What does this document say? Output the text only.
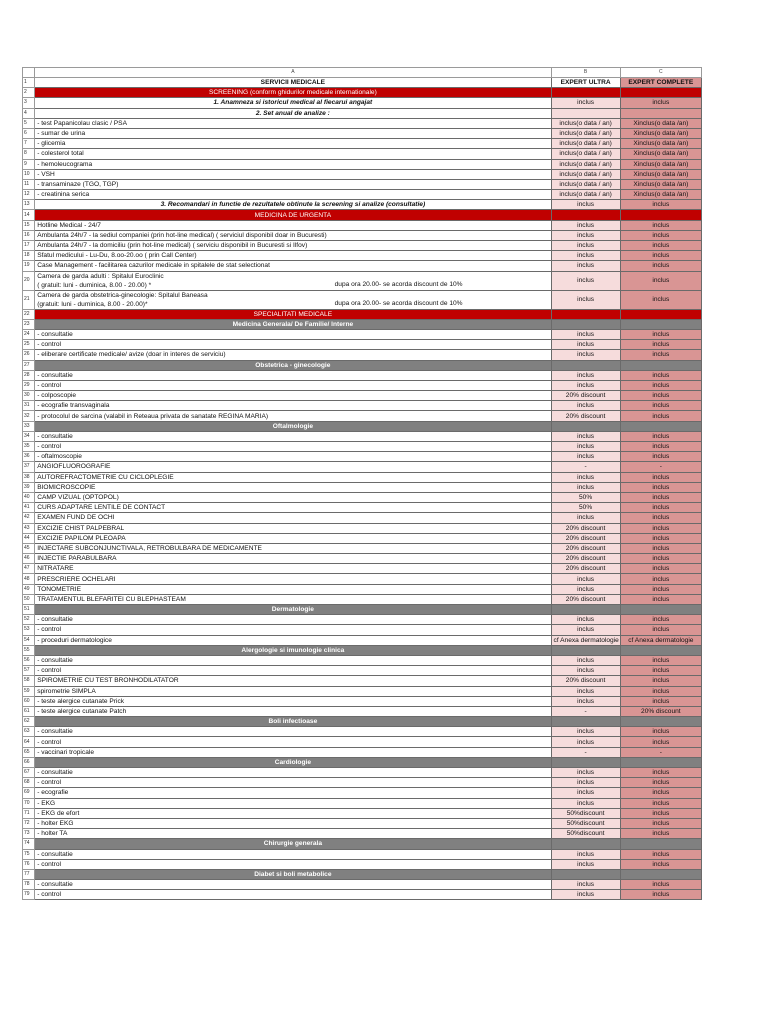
	A	B	C
1	SERVICII MEDICALE	EXPERT ULTRA	EXPERT COMPLETE
2	SCREENING (conform ghidurilor medicale internationale)		
3	1. Anamneza si istoricul medical al fiecarui angajat	inclus	inclus
4	2. Set anual de analize :		
5	- test Papanicolau clasic / PSA	inclus(o data / an)	Xinclus(o data /an)
6	- sumar de urina	inclus(o data / an)	Xinclus(o data /an)
7	- glicemia	inclus(o data / an)	Xinclus(o data /an)
8	- colesterol total	inclus(o data / an)	Xinclus(o data /an)
9	- hemoleucograma	inclus(o data / an)	Xinclus(o data /an)
10	- VSH	inclus(o data / an)	Xinclus(o data /an)
11	- transaminaze (TGO, TGP)	inclus(o data / an)	Xinclus(o data /an)
12	- creatinina serica	inclus(o data / an)	Xinclus(o data /an)
13	3. Recomandari in functie de rezultatele obtinute la screening si analize (consultatie)	inclus	inclus
14	MEDICINA DE URGENTA		
15	Hotline Medical - 24/7	inclus	inclus
16	Ambulanta 24h/7 - la sediul companiei (prin hot-line medical) ( serviciul disponibil doar in Bucuresti)	inclus	inclus
17	Ambulanta 24h/7 - la domiciliu (prin hot-line medical) ( serviciu disponibil in Bucuresti si Ilfov)	inclus	inclus
18	Sfatul medicului - Lu-Du, 8.oo-20.oo ( prin Call Center)	inclus	inclus
19	Case Management - facilitarea cazurilor medicale in spitalele de stat selectionat	inclus	inclus
20	Camera de garda adulti : Spitalul Euroclinic
( gratuit: luni - duminica, 8.00 - 20.00) * dupa ora 20.00- se acorda discount de 10%	inclus	inclus
21	Camera de garda obstetrica-ginecologie: Spitalul Baneasa
(gratuit: luni - duminica, 8.00 - 20.00)* dupa ora 20.00- se acorda discount de 10%	inclus	inclus
22	SPECIALITATI MEDICALE		
23	Medicina Generala/ De Familie/ Interne		
24	- consultatie	inclus	inclus
25	- control	inclus	inclus
26	- eliberare certificate medicale/ avize (doar in interes de serviciu)	inclus	inclus
27	Obstetrica - ginecologie		
28	- consultatie	inclus	inclus
29	- control	inclus	inclus
30	- colposcopie	20% discount	inclus
31	- ecografie transvaginala	inclus	inclus
32	- protocolul de sarcina (valabil in Reteaua privata de sanatate REGINA MARIA)	20% discount	inclus
33	Oftalmologie		
34	- consultatie	inclus	inclus
35	- control	inclus	inclus
36	- oftalmoscopie	inclus	inclus
37	ANGIOFLUOROGRAFIE	-	-
38	AUTOREFRACTOMETRIE CU CICLOPLEGIE	inclus	inclus
39	BIOMICROSCOPIE	inclus	inclus
40	CAMP VIZUAL (OPTOPOL)	50%	inclus
41	CURS ADAPTARE LENTILE DE CONTACT	50%	inclus
42	EXAMEN FUND DE OCHI	inclus	inclus
43	EXCIZIE CHIST PALPEBRAL	20% discount	inclus
44	EXCIZIE PAPILOM PLEOAPA	20% discount	inclus
45	INJECTARE SUBCONJUNCTIVALA, RETROBULBARA DE MEDICAMENTE	20% discount	inclus
46	INJECTIE PARABULBARA	20% discount	inclus
47	NITRATARE	20% discount	inclus
48	PRESCRIERE OCHELARI	inclus	inclus
49	TONOMETRIE	inclus	inclus
50	TRATAMENTUL BLEFARITEI CU BLEPHASTEAM	20% discount	inclus
51	Dermatologie		
52	- consultatie	inclus	inclus
53	- control	inclus	inclus
54	- proceduri dermatologice	cf Anexa dermatologie	cf Anexa dermatologie
55	Alergologie si imunologie clinica		
56	- consultatie	inclus	inclus
57	- control	inclus	inclus
58	SPIROMETRIE CU TEST BRONHODILATATOR	20% discount	inclus
59	spirometrie SIMPLA	inclus	inclus
60	- teste alergice cutanate Prick	inclus	inclus
61	- teste alergice cutanate Patch	-	20% discount
62	Boli infectioase		
63	- consultatie	inclus	inclus
64	- control	inclus	inclus
65	- vaccinari tropicale	-	-
66	Cardiologie		
67	- consultatie	inclus	inclus
68	- control	inclus	inclus
69	- ecografie	inclus	inclus
70	- EKG	inclus	inclus
71	- EKG de efort	50%discount	inclus
72	- holter EKG	50%discount	inclus
73	- holter TA	50%discount	inclus
74	Chirurgie generala		
75	- consultatie	inclus	inclus
76	- control	inclus	inclus
77	Diabet si boli metabolice		
78	- consultatie	inclus	inclus
79	- control	inclus	inclus
